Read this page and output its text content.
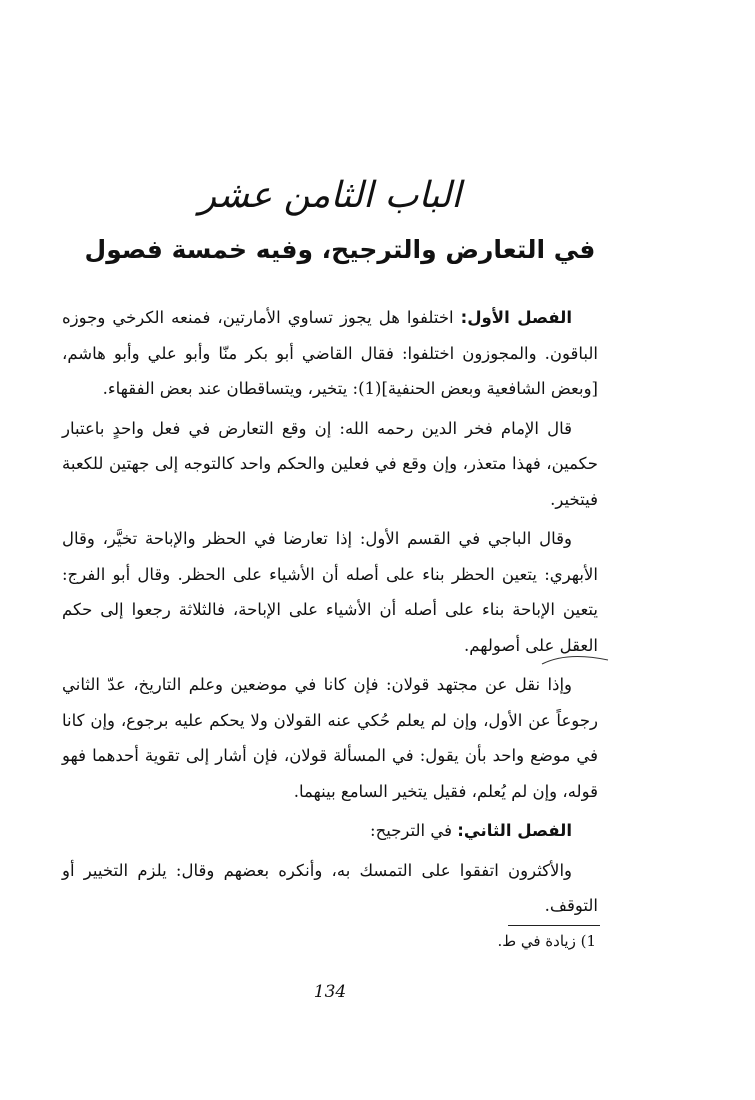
الباب الثامن عشر
في التعارض والترجيح، وفيه خمسة فصول

الفصل الأول: اختلفوا هل يجوز تساوي الأمارتين، فمنعه الكرخي وجوزه الباقون. والمجوزون اختلفوا: فقال القاضي أبو بكر منّا وأبو علي وأبو هاشم، [وبعض الشافعية وبعض الحنفية](1): يتخير، ويتساقطان عند بعض الفقهاء.

قال الإمام فخر الدين رحمه الله: إن وقع التعارض في فعل واحدٍ باعتبار حكمين، فهذا متعذر، وإن وقع في فعلين والحكم واحد كالتوجه إلى جهتين للكعبة فيتخير.

وقال الباجي في القسم الأول: إذا تعارضا في الحظر والإباحة تخيَّر، وقال الأبهري: يتعين الحظر بناء على أصله أن الأشياء على الحظر. وقال أبو الفرج: يتعين الإباحة بناء على أصله أن الأشياء على الإباحة، فالثلاثة رجعوا إلى حكم العقل على أصولهم.

وإذا نقل عن مجتهد قولان: فإن كانا في موضعين وعلم التاريخ، عدّ الثاني رجوعاً عن الأول، وإن لم يعلم حُكي عنه القولان ولا يحكم عليه برجوع، وإن كانا في موضع واحد بأن يقول: في المسألة قولان، فإن أشار إلى تقوية أحدهما فهو قوله، وإن لم يُعلم، فقيل يتخير السامع بينهما.

الفصل الثاني: في الترجيح:

والأكثرون اتفقوا على التمسك به، وأنكره بعضهم وقال: يلزم التخيير أو التوقف.

1) زيادة في ط.
134
